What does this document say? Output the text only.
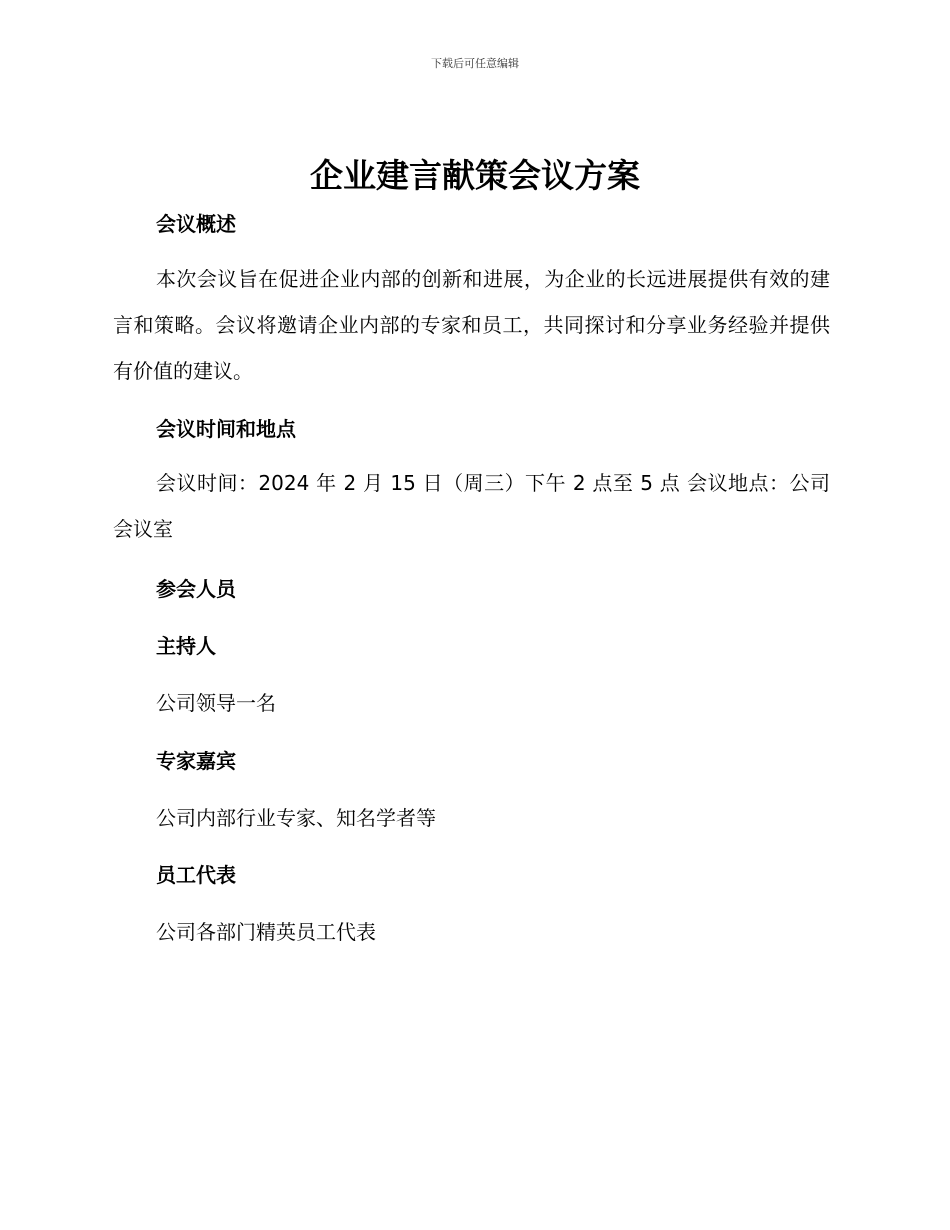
下载后可任意编辑
企业建言献策会议方案
会议概述
本次会议旨在促进企业内部的创新和进展，为企业的长远进展提供有效的建言和策略。会议将邀请企业内部的专家和员工，共同探讨和分享业务经验并提供有价值的建议。
会议时间和地点
会议时间：2024 年 2 月 15 日（周三）下午 2 点至 5 点 会议地点：公司会议室
参会人员
主持人
公司领导一名
专家嘉宾
公司内部行业专家、知名学者等
员工代表
公司各部门精英员工代表
